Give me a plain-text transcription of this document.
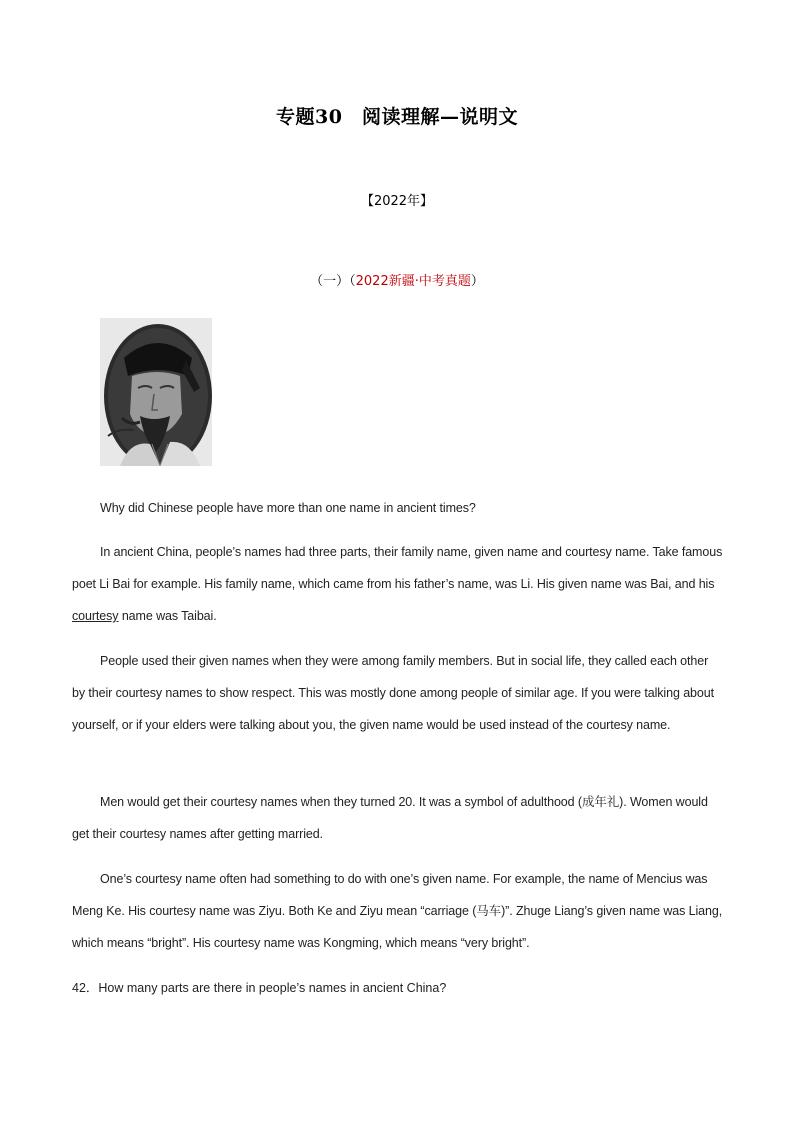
专题30　阅读理解—说明文
【2022年】
（一）（2022新疆·中考真题）
Why did Chinese people have more than one name in ancient times?
In ancient China, people’s names had three parts, their family name, given name and courtesy name. Take famous poet Li Bai for example. His family name, which came from his father’s name, was Li. His given name was Bai, and his courtesy name was Taibai.
People used their given names when they were among family members. But in social life, they called each other by their courtesy names to show respect. This was mostly done among people of similar age. If you were talking about yourself, or if your elders were talking about you, the given name would be used instead of the courtesy name.
Men would get their courtesy names when they turned 20. It was a symbol of adulthood (成年礼). Women would get their courtesy names after getting married.
One’s courtesy name often had something to do with one’s given name. For example, the name of Mencius was Meng Ke. His courtesy name was Ziyu. Both Ke and Ziyu mean “carriage (马车)”. Zhuge Liang’s given name was Liang, which means “bright”. His courtesy name was Kongming, which means “very bright”.
42．How many parts are there in people’s names in ancient China?
